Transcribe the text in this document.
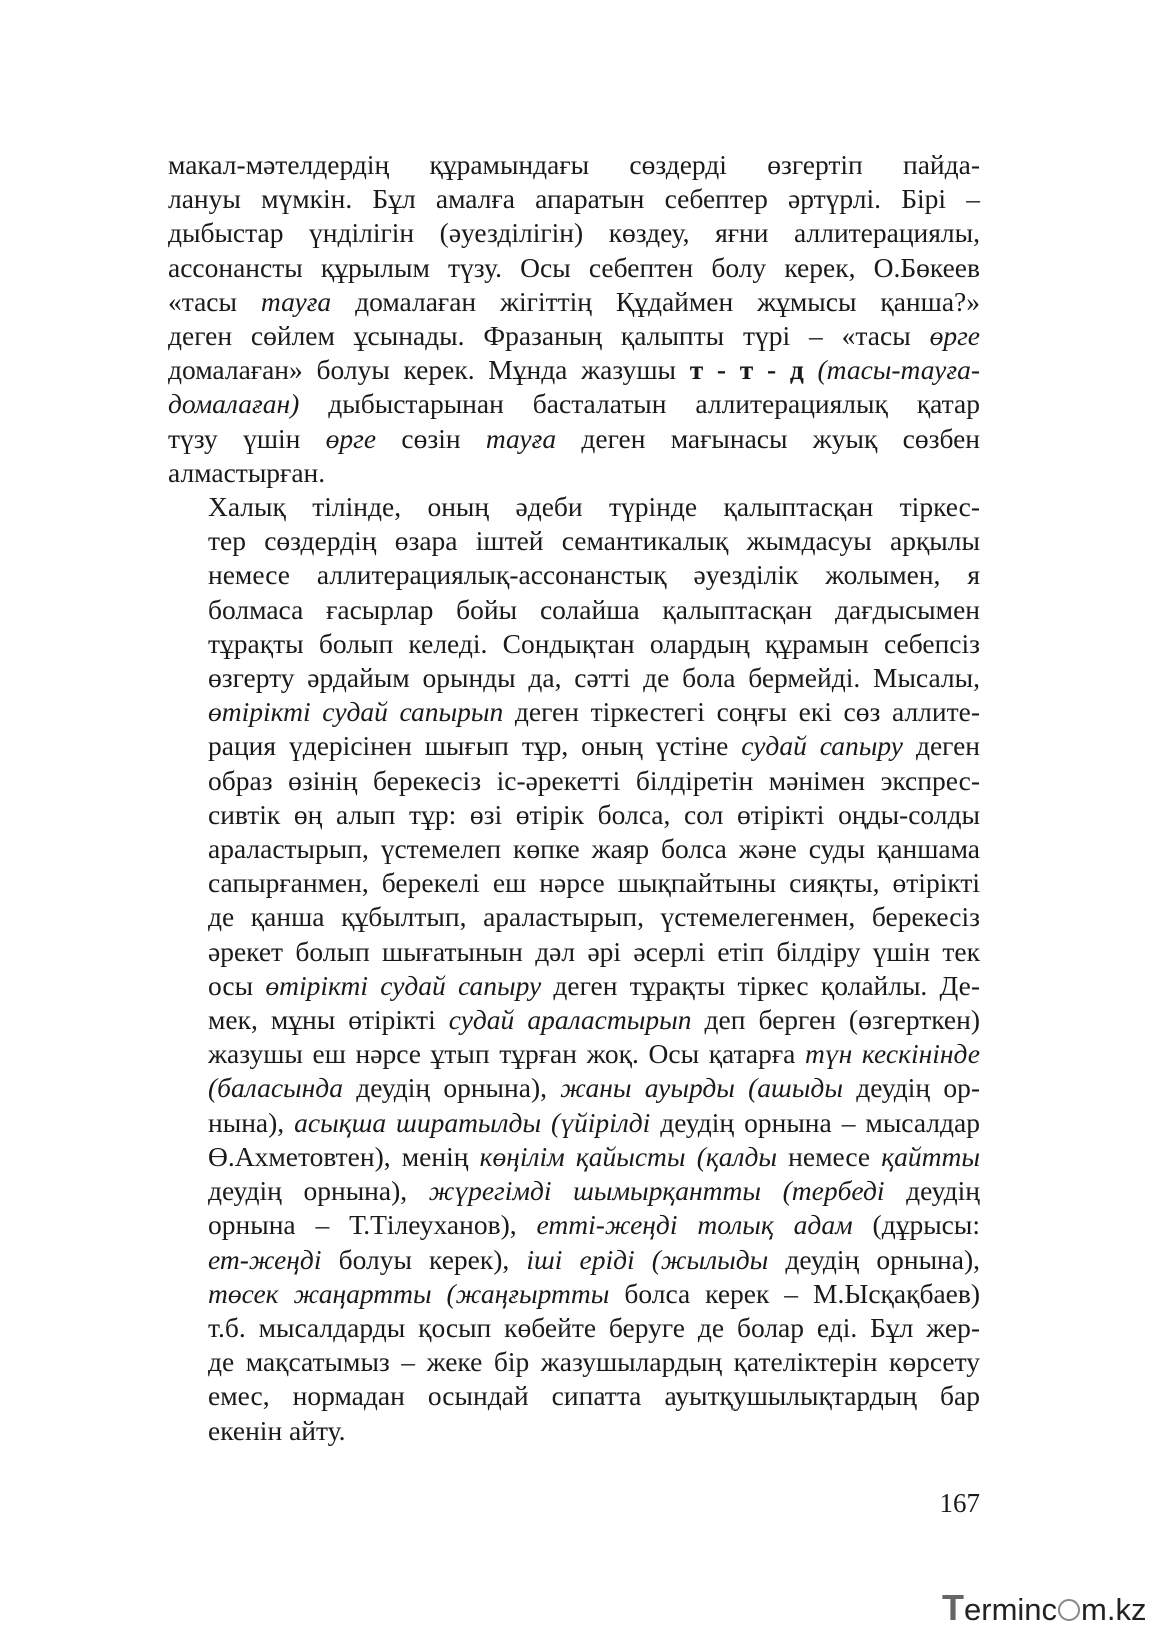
макал-мәтелдердің құрамындағы сөздерді өзгертіп пайда-
лануы мүмкін. Бұл амалға апаратын себептер әртүрлі. Бірі –
дыбыстар үнділігін (әуезділігін) көздеу, яғни аллитерациялы,
ассонансты құрылым түзу. Осы себептен болу керек, О.Бөкеев
«тасы тауға домалаған жігіттің Құдаймен жұмысы қанша?»
деген сөйлем ұсынады. Фразаның қалыпты түрі – «тасы өрге
домалаған» болуы керек. Мұнда жазушы т - т - д (тасы-тауға-
домалаған) дыбыстарынан басталатын аллитерациялық қатар
түзу үшін өрге сөзін тауға деген мағынасы жуық сөзбен
алмастырған.

Халық тілінде, оның әдеби түрінде қалыптасқан тіркес-
тер сөздердің өзара іштей семантикалық жымдасуы арқылы
немесе аллитерациялық-ассонанстық әуезділік жолымен, я
болмаса ғасырлар бойы солайша қалыптасқан дағдысымен
тұрақты болып келеді. Сондықтан олардың құрамын себепсіз
өзгерту әрдайым орынды да, сәтті де бола бермейді. Мысалы,
өтірікті судай сапырып деген тіркестегі соңғы екі сөз аллите-
рация үдерісінен шығып тұр, оның үстіне судай сапыру деген
образ өзінің берекесіз іс-әрекетті білдіретін мәнімен экспрес-
сивтік өң алып тұр: өзі өтірік болса, сол өтірікті оңды-солды
араластырып, үстемелеп көпке жаяр болса және суды қаншама
сапырғанмен, берекелі еш нәрсе шықпайтыны сияқты, өтірікті
де қанша құбылтып, араластырып, үстемелегенмен, берекесіз
әрекет болып шығатынын дәл әрі әсерлі етіп білдіру үшін тек
осы өтірікті судай сапыру деген тұрақты тіркес қолайлы. Де-
мек, мұны өтірікті судай араластырып деп берген (өзгерткен)
жазушы еш нәрсе ұтып тұрған жоқ. Осы қатарға түн кескінінде
(баласында деудің орнына), жаны ауырды (ашыды деудің ор-
нына), асықша ширатылды (үйірілді деудің орнына – мысалдар
Ө.Ахметовтен), менің көңілім қайысты (қалды немесе қайтты
деудің орнына), жүрегімді шымырқантты (тербеді деудің
орнына – Т.Тілеуханов), етті-жеңді толық адам (дұрысы:
ет-жеңді болуы керек), іші еріді (жылыды деудің орнына),
төсек жаңартты (жаңғыртты болса керек – М.Ысқақбаев)
т.б. мысалдарды қосып көбейте беруге де болар еді. Бұл жер-
де мақсатымыз – жеке бір жазушылардың қателіктерін көрсету
емес, нормадан осындай сипатта ауытқушылықтардың бар
екенін айту.

167
Terminc m.kz
